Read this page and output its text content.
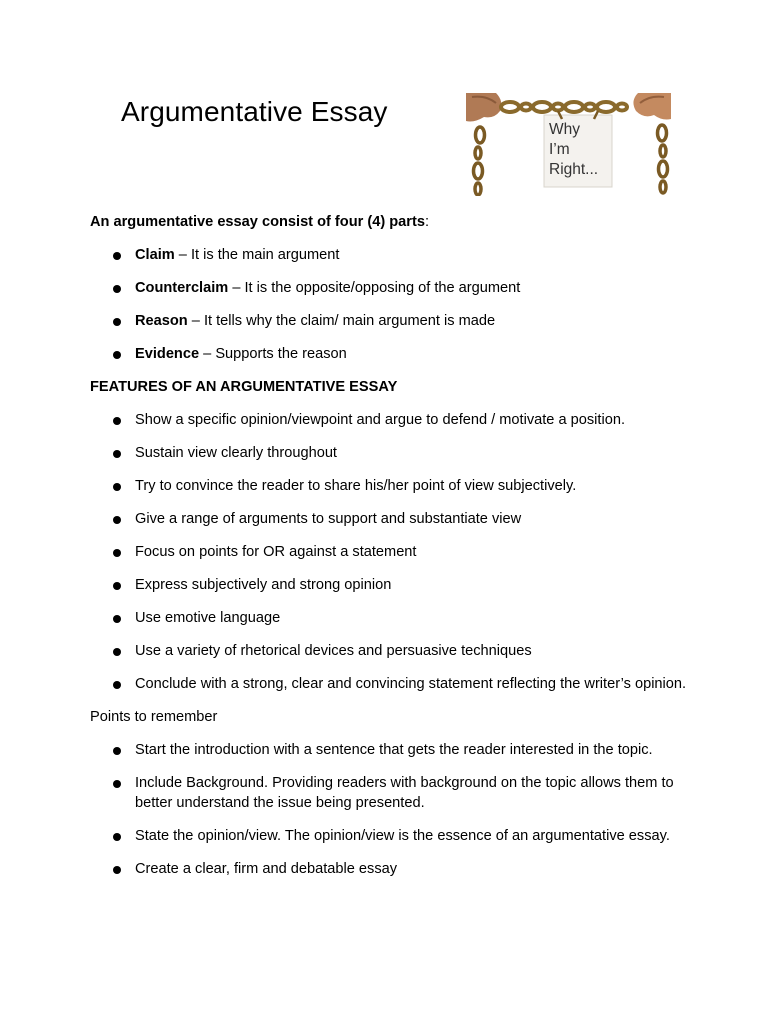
Argumentative Essay
Why
I’m
Right...

An argumentative essay consist of four (4) parts:

Claim – It is the main argument
Counterclaim – It is the opposite/opposing of the argument
Reason – It tells why the claim/ main argument is made
Evidence – Supports the reason

FEATURES OF AN ARGUMENTATIVE ESSAY

Show a specific opinion/viewpoint and argue to defend / motivate a position.
Sustain view clearly throughout
Try to convince the reader to share his/her point of view subjectively.
Give a range of arguments to support and substantiate view
Focus on points for OR against a statement
Express subjectively and strong opinion
Use emotive language
Use a variety of rhetorical devices and persuasive techniques
Conclude with a strong, clear and convincing statement reflecting the writer’s opinion.

Points to remember

Start the introduction with a sentence that gets the reader interested in the topic.
Include Background. Providing readers with background on the topic allows them to better understand the issue being presented.
State the opinion/view. The opinion/view is the essence of an argumentative essay.
Create a clear, firm and debatable essay
